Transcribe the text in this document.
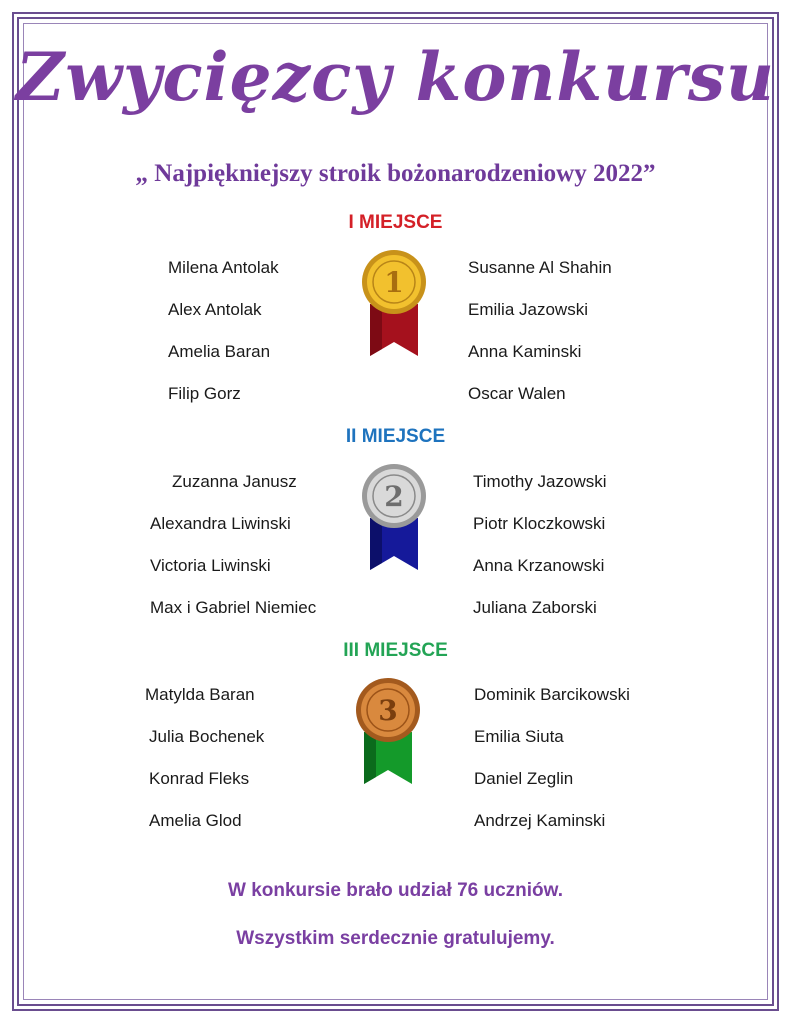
Zwycięzcy konkursu

„ Najpiękniejszy stroik bożonarodzeniowy 2022”

I MIEJSCE
Milena Antolak
Alex Antolak
Amelia Baran
Filip Gorz
1	Susanne Al Shahin
Emilia Jazowski
Anna Kaminski
Oscar Walen
II MIEJSCE
Zuzanna Janusz
Alexandra Liwinski
Victoria Liwinski
Max i Gabriel Niemiec
2	Timothy Jazowski
Piotr Kloczkowski
Anna Krzanowski
Juliana Zaborski
III MIEJSCE
Matylda Baran
Julia Bochenek
Konrad Fleks
Amelia Glod
3	Dominik Barcikowski
Emilia Siuta
Daniel Zeglin
Andrzej Kaminski
W konkursie brało udział 76 uczniów.
Wszystkim serdecznie gratulujemy.
